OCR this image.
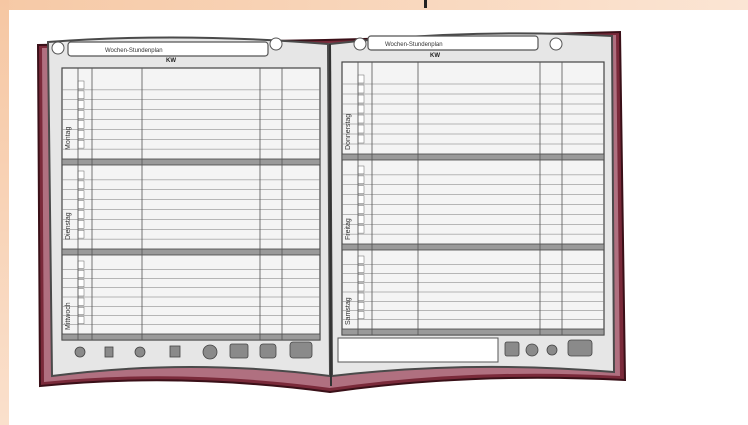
Wochen-Stundenplan
KW
Montag
Dienstag
Mittwoch
Wochen-Stundenplan
KW
Donnerstag
Freitag
Samstag
